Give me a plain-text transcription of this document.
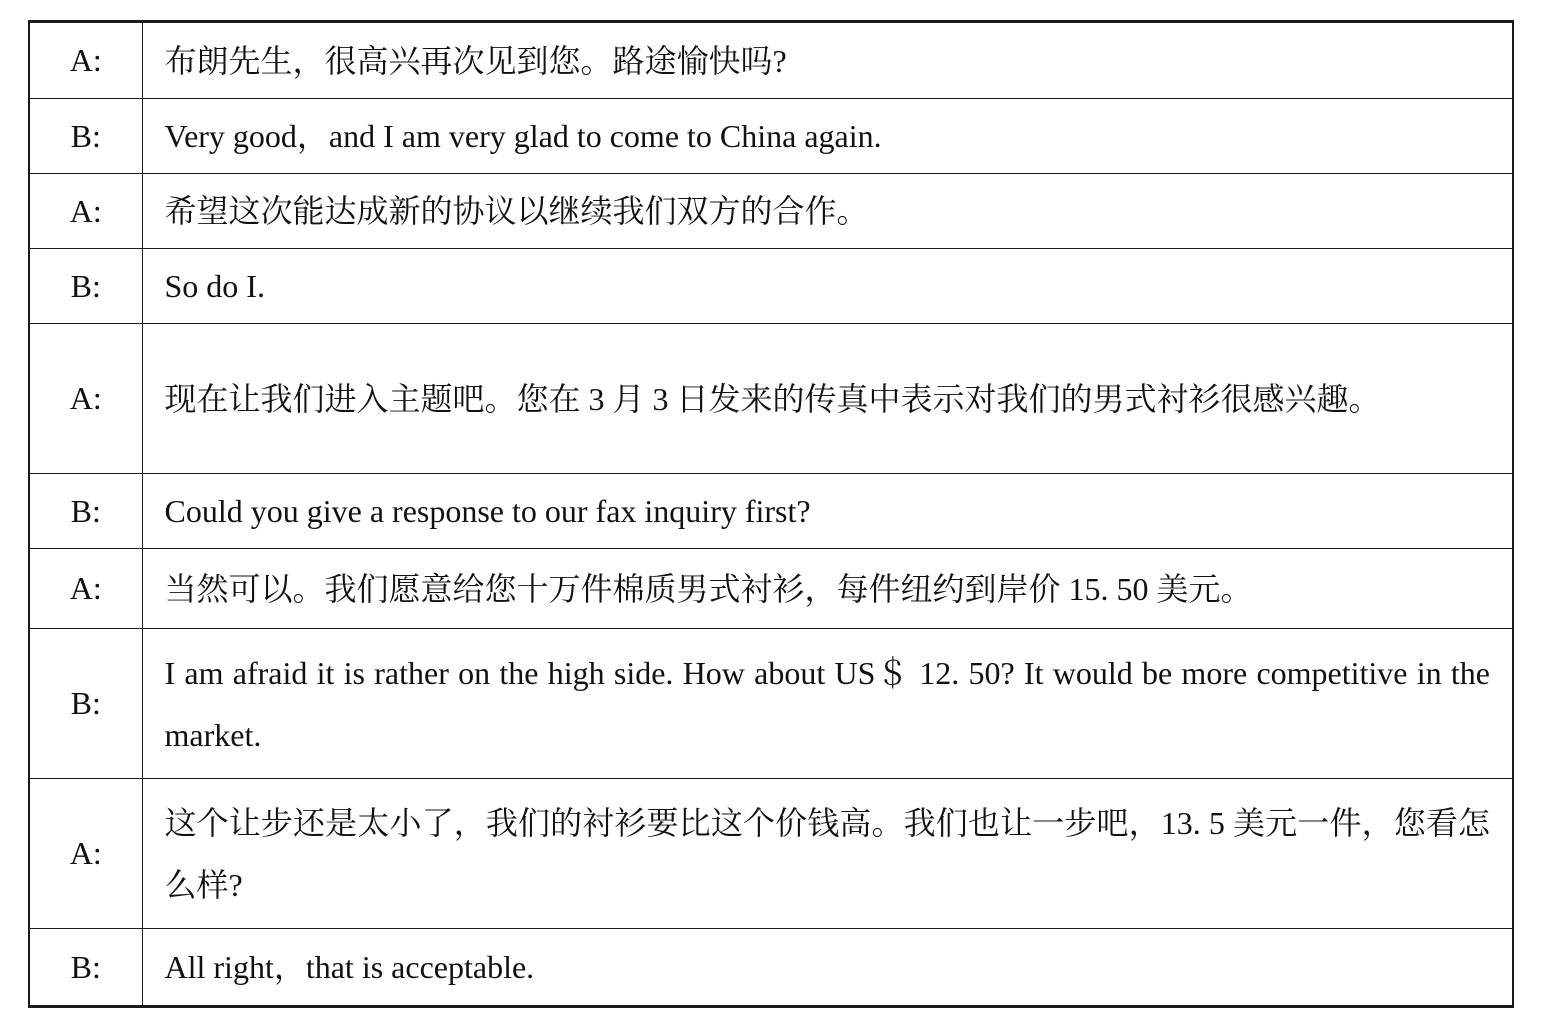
A:	布朗先生，很高兴再次见到您。路途愉快吗?
B:	Very good，and I am very glad to come to China again.
A:	希望这次能达成新的协议以继续我们双方的合作。
B:	So do I.
A:	现在让我们进入主题吧。您在 3 月 3 日发来的传真中表示对我们的男式衬衫很感兴趣。
B:	Could you give a response to our fax inquiry first?
A:	当然可以。我们愿意给您十万件棉质男式衬衫，每件纽约到岸价 15. 50 美元。
B:	I am afraid it is rather on the high side. How about US＄ 12. 50? It would be more competitive in the market.
A:	这个让步还是太小了，我们的衬衫要比这个价钱高。我们也让一步吧，13. 5 美元一件，您看怎么样?
B:	All right，that is acceptable.
